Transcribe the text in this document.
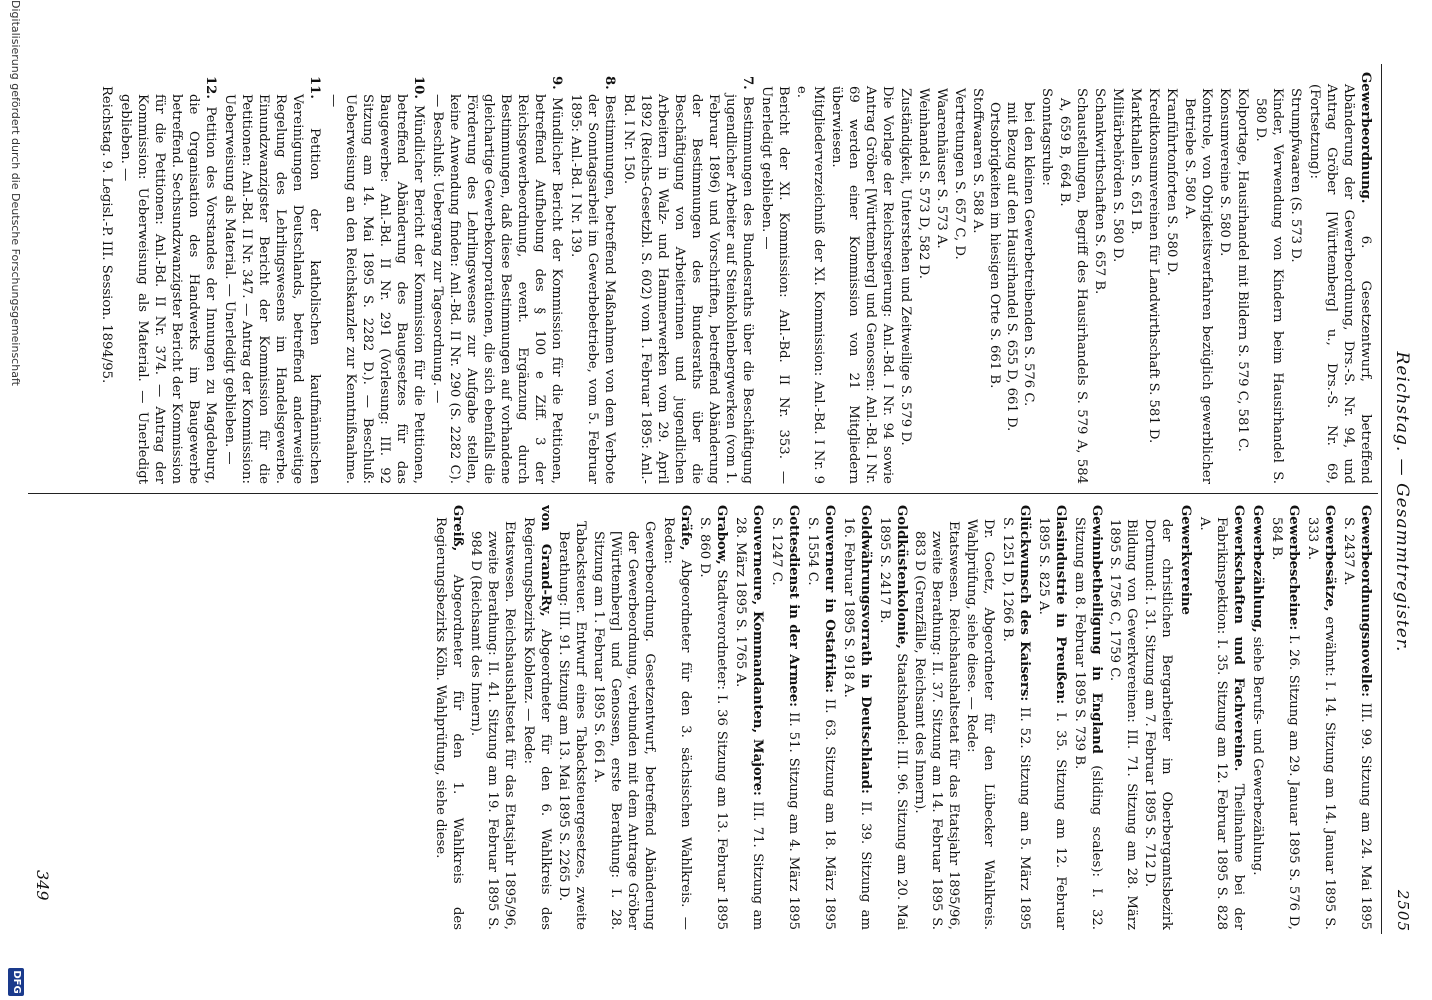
Reichstag. — Gesammtregister.
2505
Gewerbeordnung. 6. Gesetzentwurf, betreffend Abänderung der Gewerbeordnung, Drs.-S. Nr. 94, und Antrag Gröber [Württemberg] u., Drs.-S. Nr. 69, (Fortsetzung):
Strumpfwaaren (S. 573 D.
Kinder, Verwendung von Kindern beim Hausirhandel S. 580 D.
Kolportage, Hausirhandel mit Bildern S. 579 C, 581 C.
Konsumvereine S. 580 D.
Kontrole, von Obrigkeitsverfahren bezüglich gewerblicher Betriebe S. 580 A.
Kranführtonforten S. 580 D.
Kreditkonsumvereinen für Landwirthschaft S. 581 D.
Markthallen S. 651 B.
Militärbehörden S. 580 D.
Schankwirthschaften S. 657 B.
Schaustellungen, Begriff des Hausirhandels S. 579 A, 584 A, 659 B, 664 B.
Sonntagsruhe:
bei den kleinen Gewerbetreibenden S. 576 C.
mit Bezug auf den Hausirhandel S. 655 D, 661 D.
Ortsobrigkeiten im hiesigen Orte S. 661 B.
Stoffwaaren S. 588 A.
Vertretungen S. 657 C, D.
Waarenhäuser S. 573 A.
Weinhandel S. 573 D, 582 D.
Zuständigkeit, Unterstehen und Zeitweilige S. 579 D.
Die Vorlage der Reichsregierung: Anl.-Bd. I Nr. 94 sowie Antrag Gröber [Württemberg] und Genossen: Anl.-Bd. I Nr. 69 werden einer Kommission von 21 Mitgliedern überwiesen.
Mitgliederverzeichniß der XI. Kommission: Anl.-Bd. I Nr. 9 e.
Bericht der XI. Kommission: Anl.-Bd. II Nr. 353. — Unerledigt geblieben. —
7. Bestimmungen des Bundesraths über die Beschäftigung jugendlicher Arbeiter auf Steinkohlenbergwerken (vom 1. Februar 1896) und Vorschriften, betreffend Abänderung der Bestimmungen des Bundesraths über die Beschäftigung von Arbeiterinnen und jugendlichen Arbeitern in Walz- und Hammerwerken vom 29. April 1892 (Reichs-Gesetzbl. S. 602) vom 1. Februar 1895: Anl.-Bd. I Nr. 150.
8. Bestimmungen, betreffend Maßnahmen von dem Verbote der Sonntagsarbeit im Gewerbebetriebe, vom 5. Februar 1895: Anl.-Bd. I Nr. 139.
9. Mündlicher Bericht der Kommission für die Petitionen, betreffend Aufhebung des § 100 e Ziff. 3 der Reichsgewerbeordnung, event. Ergänzung durch Bestimmungen, daß diese Bestimmungen auf vorhandene gleichartige Gewerbekorporationen, die sich ebenfalls die Förderung des Lehrlingswesens zur Aufgabe stellen, keine Anwendung finden: Anl.-Bd. II Nr. 290 (S. 2282 C). — Beschluß: Uebergang zur Tagesordnung. —
10. Mündlicher Bericht der Kommission für die Petitionen, betreffend Abänderung des Baugesetzes für das Baugewerbe: Anl.-Bd. II Nr. 291 (Vorlesung: III. 92 Sitzung am 14. Mai 1895 S. 2282 D.). — Beschluß: Ueberweisung an den Reichskanzler zur Kenntnißnahme. —
11. Petition der katholischen kaufmännischen Vereinigungen Deutschlands, betreffend anderweitige Regelung des Lehrlingswesens im Handelsgewerbe. Einundzwanzigster Bericht der Kommission für die Petitionen: Anl.-Bd. II Nr. 347. — Antrag der Kommission: Ueberweisung als Material. — Unerledigt geblieben. —
12. Petition des Vorstandes der Innungen zu Magdeburg, die Organisation des Handwerks im Baugewerbe betreffend. Sechsundzwanzigster Bericht der Kommission für die Petitionen: Anl.-Bd. II Nr. 374. — Antrag der Kommission: Ueberweisung als Material. — Unerledigt geblieben. —
Reichstag. 9. Legisl.-P. III. Session. 1894/95.
Gewerbeordnungsnovelle: III. 99. Sitzung am 24. Mai 1895 S. 2437 A.
Gewerbesätze, erwähnt: I. 14. Sitzung am 14. Januar 1895 S. 333 A.
Gewerbescheine: I. 26. Sitzung am 29. Januar 1895 S. 576 D, 584 B.
Gewerbezählung, siehe Berufs- und Gewerbezählung.
Gewerkschaften und Fachvereine. Theilnahme bei der Fabrikinspektion: I. 35. Sitzung am 12. Februar 1895 S. 828 A.
Gewerkvereine
der christlichen Bergarbeiter im Oberbergamtsbezirk Dortmund: I. 31. Sitzung am 7. Februar 1895 S. 712 D.
Bildung von Gewerkvereinen: III. 71. Sitzung am 28. März 1895 S. 1756 C, 1759 C.
Gewinnbetheiligung in England (sliding scales): I. 32. Sitzung am 8. Februar 1895 S. 739 B.
Glasindustrie in Preußen: I. 35. Sitzung am 12. Februar 1895 S. 825 A.
Glückwunsch des Kaisers: II. 52. Sitzung am 5. März 1895 S. 1251 D, 1266 B.
Dr. Goetz, Abgeordneter für den Lübecker Wahlkreis. Wahlprüfung, siehe diese. — Rede:
Etatswesen. Reichshaushaltsetat für das Etatsjahr 1895/96, zweite Berathung: II. 37. Sitzung am 14. Februar 1895 S. 883 D (Grenzfälle, Reichsamt des Innern).
Goldküstenkolonie, Staatshandel: III. 96. Sitzung am 20. Mai 1895 S. 2417 B.
Goldwährungsvorrath in Deutschland: II. 39. Sitzung am 16. Februar 1895 S. 918 A.
Gouverneur in Ostafrika: II. 63. Sitzung am 18. März 1895 S. 1554 C.
Gottesdienst in der Armee: II. 51. Sitzung am 4. März 1895 S. 1247 C.
Gouverneure, Kommandanten, Majore: III. 71. Sitzung am 28. März 1895 S. 1765 A.
Grabow, Stadtverordneter: I. 36 Sitzung am 13. Februar 1895 S. 860 D.
Gräfe, Abgeordneter für den 3. sächsischen Wahlkreis. — Reden:
Gewerbeordnung. Gesetzentwurf, betreffend Abänderung der Gewerbeordnung, verbunden mit dem Antrage Gröber [Württemberg] und Genossen, erste Berathung: I. 28. Sitzung am 1. Februar 1895 S. 661 A.
Tabacksteuer. Entwurf eines Tabacksteuergesetzes, zweite Berathung: III. 91. Sitzung am 13. Mai 1895 S. 2265 D.
von Grand-Ry, Abgeordneter für den 6. Wahlkreis des Regierungsbezirks Koblenz. — Rede:
Etatswesen. Reichshaushaltsetat für das Etatsjahr 1895/96, zweite Berathung: II. 41. Sitzung am 19. Februar 1895 S. 984 D (Reichsamt des Innern).
Greiß, Abgeordneter für den 1. Wahlkreis des Regierungsbezirks Köln. Wahlprüfung, siehe diese.
349
Digitalisierung gefördert durch die Deutsche Forschungsgemeinschaft
DFG
